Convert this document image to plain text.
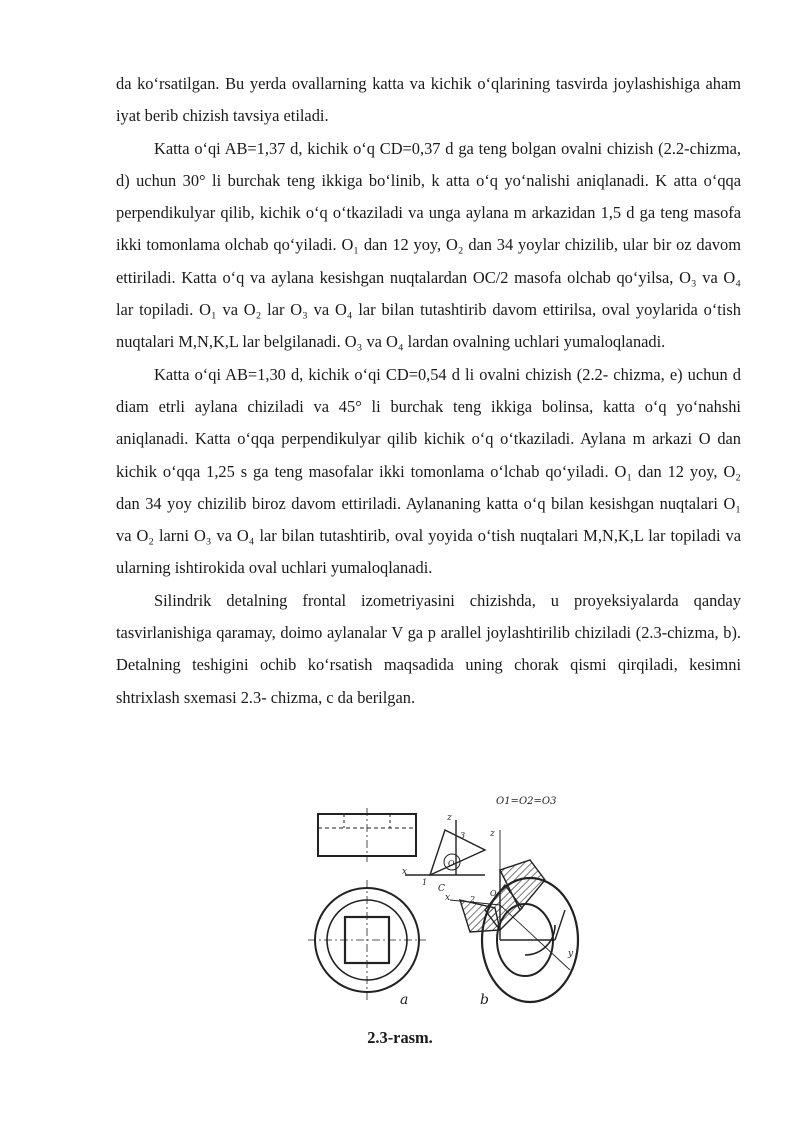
da ko‘rsatilgan. Bu yerda ovallarning katta va kichik o‘qlarining tasvirda joylashishiga aham iyat berib chizish tavsiya etiladi.

Katta o‘qi AB=1,37 d, kichik o‘q CD=0,37 d ga teng bolgan ovalni chizish (2.2-chizma, d) uchun 30° li burchak teng ikkiga bo‘linib, k atta o‘q yo‘nalishi aniqlanadi. K atta o‘qqa perpendikulyar qilib, kichik o‘q o‘tkaziladi va unga aylana m arkazidan 1,5 d ga teng masofa ikki tomonlama olchab qo‘yiladi. O₁ dan 12 yoy, O₂ dan 34 yoylar chizilib, ular bir oz davom ettiriladi. Katta o‘q va aylana kesishgan nuqtalardan OC/2 masofa olchab qo‘yilsa, O₃ va O₄ lar topiladi. O₁ va O₂ lar O₃ va O₄ lar bilan tutashtirib davom ettirilsa, oval yoylarida o‘tish nuqtalari M,N,K,L lar belgilanadi. O₃ va O₄ lardan ovalning uchlari yumaloqlanadi.

Katta o‘qi AB=1,30 d, kichik o‘qi CD=0,54 d li ovalni chizish (2.2- chizma, e) uchun d diam etrli aylana chiziladi va 45° li burchak teng ikkiga bolinsa, katta o‘q yo‘nahshi aniqlanadi. Katta o‘qqa perpendikulyar qilib kichik o‘q o‘tkaziladi. Aylana m arkazi O dan kichik o‘qqa 1,25 s ga teng masofalar ikki tomonlama o‘lchab qo‘yiladi. O₁ dan 12 yoy, O₂ dan 34 yoy chizilib biroz davom ettiriladi. Aylananing katta o‘q bilan kesishgan nuqtalari O₁ va O₂ larni O₃ va O₄ lar bilan tutashtirib, oval yoyida o‘tish nuqtalari M,N,K,L lar topiladi va ularning ishtirokida oval uchlari yumaloqlanadi.

Silindrik detalning frontal izometriyasini chizishda, u proyeksiyalarda qanday tasvirlanishiga qaramay, doimo aylanalar V ga p arallel joylashtirilib chiziladi (2.3-chizma, b). Detalning teshigini ochib ko‘rsatish maqsadida uning chorak qismi qirqiladi, kesimni shtrixlash sxemasi 2.3- chizma, c da berilgan.

O1=O2=O3
a
z
z
x
x
y
1
2
3
O
C	O
b
2.3-rasm.
